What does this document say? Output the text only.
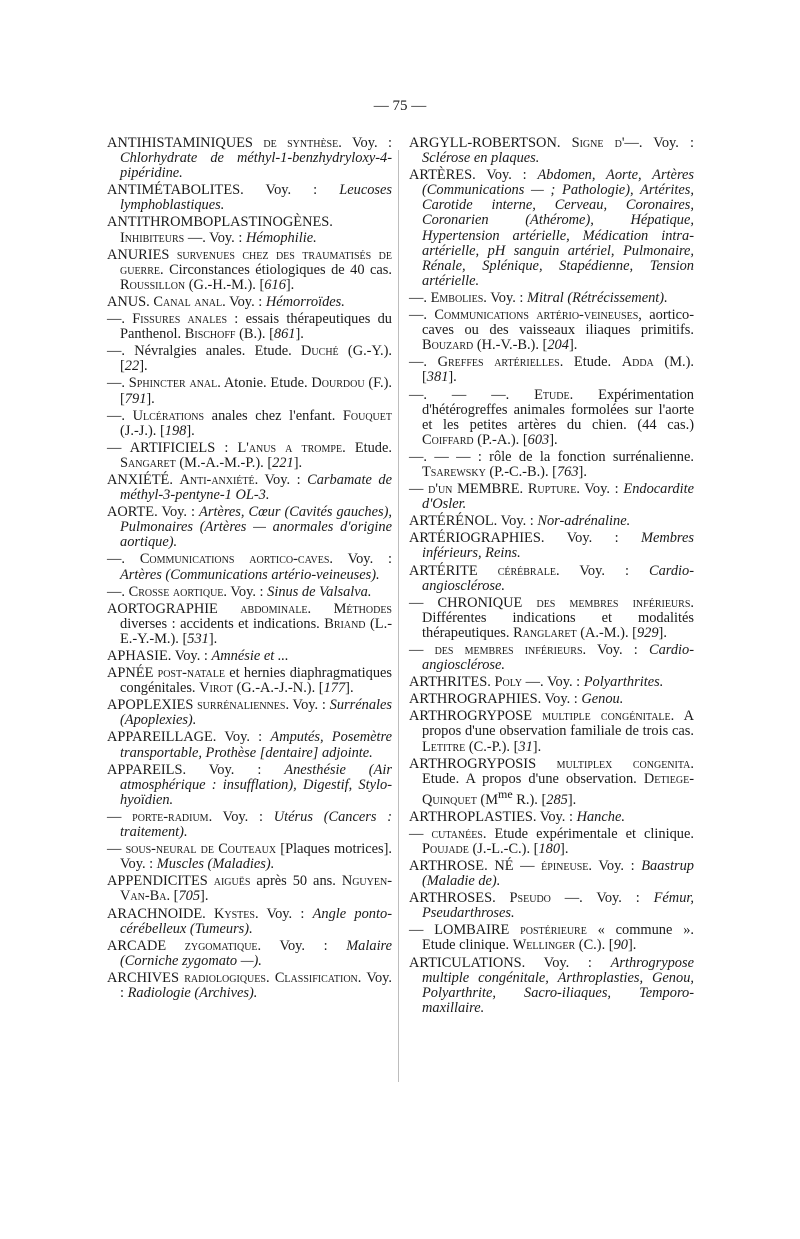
— 75 —

ANTIHISTAMINIQUES de synthèse. Voy. : Chlorhydrate de méthyl-1-benzhydryloxy-4-pipéridine.

ANTIMÉTABOLITES. Voy. : Leucoses lymphoblastiques.

ANTITHROMBOPLASTINOGÈNES. Inhibiteurs —. Voy. : Hémophilie.

ANURIES survenues chez des traumatisés de guerre. Circonstances étiologiques de 40 cas. Roussillon (G.-H.-M.). [616].

ANUS. Canal anal. Voy. : Hémorroïdes.

—. Fissures anales : essais thérapeutiques du Panthenol. Bischoff (B.). [861].

—. Névralgies anales. Etude. Duché (G.-Y.). [22].

—. Sphincter anal. Atonie. Etude. Dourdou (F.). [791].

—. Ulcérations anales chez l'enfant. Fouquet (J.-J.). [198].

— ARTIFICIELS : L'anus a trompe. Etude. Sangaret (M.-A.-M.-P.). [221].

ANXIÉTÉ. Anti-anxiété. Voy. : Carbamate de méthyl-3-pentyne-1 OL-3.

AORTE. Voy. : Artères, Cœur (Cavités gauches), Pulmonaires (Artères — anormales d'origine aortique).

—. Communications aortico-caves. Voy. : Artères (Communications artério-veineuses).

—. Crosse aortique. Voy. : Sinus de Valsalva.

AORTOGRAPHIE abdominale. Méthodes diverses : accidents et indications. Briand (L.-E.-Y.-M.). [531].

APHASIE. Voy. : Amnésie et ...

APNÉE post-natale et hernies diaphragmatiques congénitales. Virot (G.-A.-J.-N.). [177].

APOPLEXIES surrénaliennes. Voy. : Surrénales (Apoplexies).

APPAREILLAGE. Voy. : Amputés, Posemètre transportable, Prothèse [dentaire] adjointe.

APPAREILS. Voy. : Anesthésie (Air atmosphérique : insufflation), Digestif, Stylo-hyoïdien.

— porte-radium. Voy. : Utérus (Cancers : traitement).

— sous-neural de Couteaux [Plaques motrices]. Voy. : Muscles (Maladies).

APPENDICITES aiguës après 50 ans. Nguyen-Van-Ba. [705].

ARACHNOIDE. Kystes. Voy. : Angle ponto-cérébelleux (Tumeurs).

ARCADE zygomatique. Voy. : Malaire (Corniche zygomato —).

ARCHIVES radiologiques. Classification. Voy. : Radiologie (Archives).

ARGYLL-ROBERTSON. Signe d'—. Voy. : Sclérose en plaques.

ARTÈRES. Voy. : Abdomen, Aorte, Artères (Communications — ; Pathologie), Artérites, Carotide interne, Cerveau, Coronaires, Coronarien (Athérome), Hépatique, Hypertension artérielle, Médication intra-artérielle, pH sanguin artériel, Pulmonaire, Rénale, Splénique, Stapédienne, Tension artérielle.

—. Embolies. Voy. : Mitral (Rétrécissement).

—. Communications artério-veineuses, aortico-caves ou des vaisseaux iliaques primitifs. Bouzard (H.-V.-B.). [204].

—. Greffes artérielles. Etude. Adda (M.). [381].

—. — —. Etude. Expérimentation d'hétérogreffes animales formolées sur l'aorte et les petites artères du chien. (44 cas.) Coiffard (P.-A.). [603].

—. — — : rôle de la fonction surrénalienne. Tsarewsky (P.-C.-B.). [763].

— d'un MEMBRE. Rupture. Voy. : Endocardite d'Osler.

ARTÉRÉNOL. Voy. : Nor-adrénaline.

ARTÉRIOGRAPHIES. Voy. : Membres inférieurs, Reins.

ARTÉRITE cérébrale. Voy. : Cardio-angiosclérose.

— CHRONIQUE des membres inférieurs. Différentes indications et modalités thérapeutiques. Ranglaret (A.-M.). [929].

— des membres inférieurs. Voy. : Cardio-angiosclérose.

ARTHRITES. Poly —. Voy. : Polyarthrites.

ARTHROGRAPHIES. Voy. : Genou.

ARTHROGRYPOSE multiple congénitale. A propos d'une observation familiale de trois cas. Letitre (C.-P.). [31].

ARTHROGRYPOSIS multiplex congenita. Etude. A propos d'une observation. Detiege-Quinquet ($M^{me}$ R.). [285].

ARTHROPLASTIES. Voy. : Hanche.

— cutanées. Etude expérimentale et clinique. Poujade (J.-L.-C.). [180].

ARTHROSE. NÉ — épineuse. Voy. : Baastrup (Maladie de).

ARTHROSES. Pseudo —. Voy. : Fémur, Pseudarthroses.

— LOMBAIRE postérieure « commune ». Etude clinique. Wellinger (C.). [90].

ARTICULATIONS. Voy. : Arthrogrypose multiple congénitale, Arthroplasties, Genou, Polyarthrite, Sacro-iliaques, Temporo-maxillaire.
